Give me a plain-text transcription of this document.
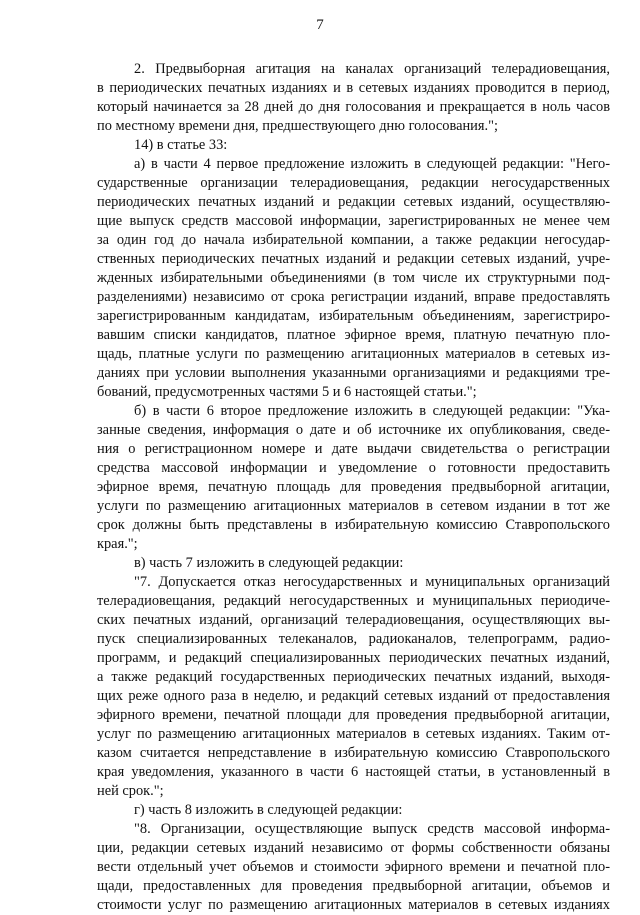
7
2. Предвыборная агитация на каналах организаций телерадиовещания,
в периодических печатных изданиях и в сетевых изданиях проводится в период,
который начинается за 28 дней до дня голосования и прекращается в ноль часов
по местному времени дня, предшествующего дню голосования.";
14) в статье 33:
а) в части 4 первое предложение изложить в следующей редакции: "Него-
сударственные организации телерадиовещания, редакции негосударственных
периодических печатных изданий и редакции сетевых изданий, осуществляю-
щие выпуск средств массовой информации, зарегистрированных не менее чем
за один год до начала избирательной компании, а также редакции негосудар-
ственных периодических печатных изданий и редакции сетевых изданий, учре-
жденных избирательными объединениями (в том числе их структурными под-
разделениями) независимо от срока регистрации изданий, вправе предоставлять
зарегистрированным кандидатам, избирательным объединениям, зарегистриро-
вавшим списки кандидатов, платное эфирное время, платную печатную пло-
щадь, платные услуги по размещению агитационных материалов в сетевых из-
даниях при условии выполнения указанными организациями и редакциями тре-
бований, предусмотренных частями 5 и 6 настоящей статьи.";
б) в части 6 второе предложение изложить в следующей редакции: "Ука-
занные сведения, информация о дате и об источнике их опубликования, сведе-
ния о регистрационном номере и дате выдачи свидетельства о регистрации
средства массовой информации и уведомление о готовности предоставить
эфирное время, печатную площадь для проведения предвыборной агитации,
услуги по размещению агитационных материалов в сетевом издании в тот же
срок должны быть представлены в избирательную комиссию Ставропольского
края.";
в) часть 7 изложить в следующей редакции:
"7. Допускается отказ негосударственных и муниципальных организаций
телерадиовещания, редакций негосударственных и муниципальных периодиче-
ских печатных изданий, организаций телерадиовещания, осуществляющих вы-
пуск специализированных телеканалов, радиоканалов, телепрограмм, радио-
программ, и редакций специализированных периодических печатных изданий,
а также редакций государственных периодических печатных изданий, выходя-
щих реже одного раза в неделю, и редакций сетевых изданий от предоставления
эфирного времени, печатной площади для проведения предвыборной агитации,
услуг по размещению агитационных материалов в сетевых изданиях. Таким от-
казом считается непредставление в избирательную комиссию Ставропольского
края уведомления, указанного в части 6 настоящей статьи, в установленный в
ней срок.";
г) часть 8 изложить в следующей редакции:
"8. Организации, осуществляющие выпуск средств массовой информа-
ции, редакции сетевых изданий независимо от формы собственности обязаны
вести отдельный учет объемов и стоимости эфирного времени и печатной пло-
щади, предоставленных для проведения предвыборной агитации, объемов и
стоимости услуг по размещению агитационных материалов в сетевых изданиях
